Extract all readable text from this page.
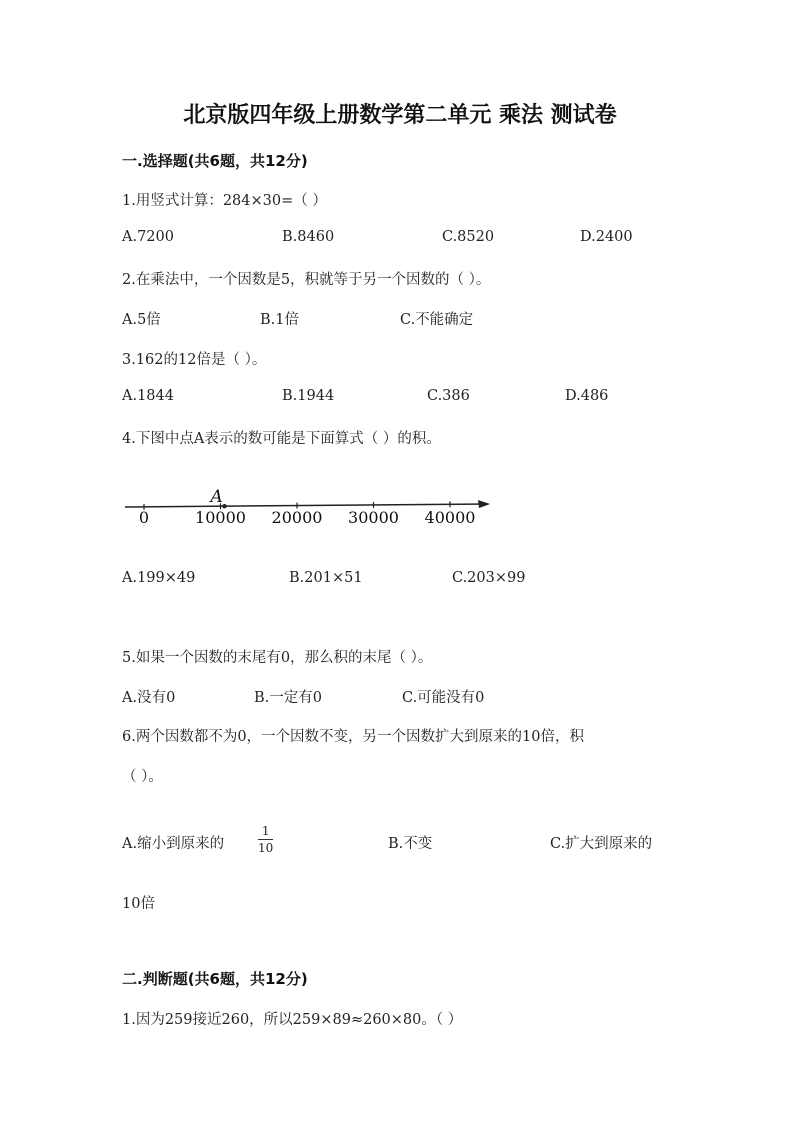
北京版四年级上册数学第二单元 乘法 测试卷
一.选择题(共6题，共12分)
1.用竖式计算：284×30=（ ）
A.7200	B.8460	C.8520	D.2400
2.在乘法中，一个因数是5，积就等于另一个因数的（ ）。
A.5倍	B.1倍	C.不能确定
3.162的12倍是（ ）。
A.1844	B.1944	C.386	D.486
4.下图中点A表示的数可能是下面算式（ ）的积。
0	10000 20000 30000 40000
A
A.199×49	B.201×51	C.203×99
5.如果一个因数的末尾有0，那么积的末尾（ ）。
A.没有0	B.一定有0	C.可能没有0
6.两个因数都不为0，一个因数不变，另一个因数扩大到原来的10倍，积
（ ）。
A.缩小到原来的
1
10	B.不变	C.扩大到原来的
10倍
二.判断题(共6题，共12分)
1.因为259接近260，所以259×89≈260×80。（ ）
